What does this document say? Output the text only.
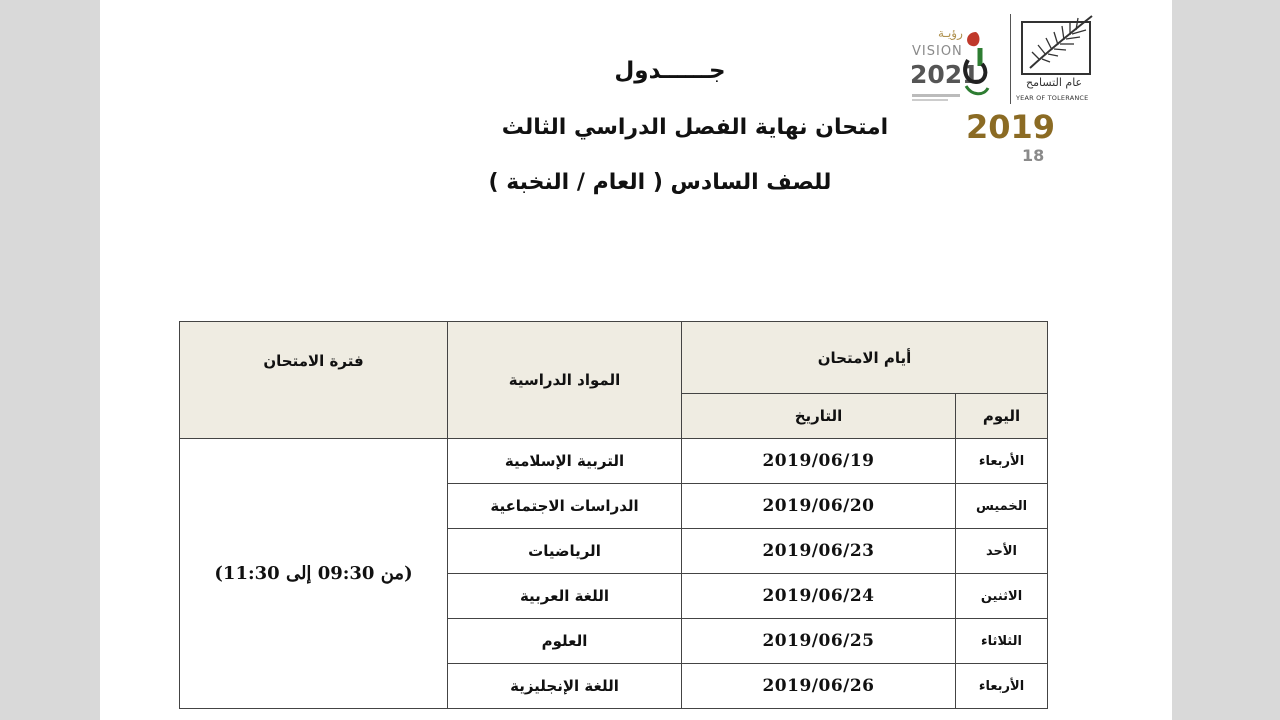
جــــــدول
امتحان نهاية الفصل الدراسي الثالث
للصف السادس ( العام / النخبة )
رؤيـة
VISION
2021	عام التسامح
YEAR OF TOLERANCE
2019
18
أيام الامتحان		المواد الدراسية	فترة الامتحان
اليوم	التاريخ		
الأربعاء	2019/06/19	التربية الإسلامية	(من 09:30 إلى 11:30)
الخميس	2019/06/20	الدراسات الاجتماعية	
الأحد	2019/06/23	الرياضيات	
الاثنين	2019/06/24	اللغة العربية	
الثلاثاء	2019/06/25	العلوم	
الأربعاء	2019/06/26	اللغة الإنجليزية	
